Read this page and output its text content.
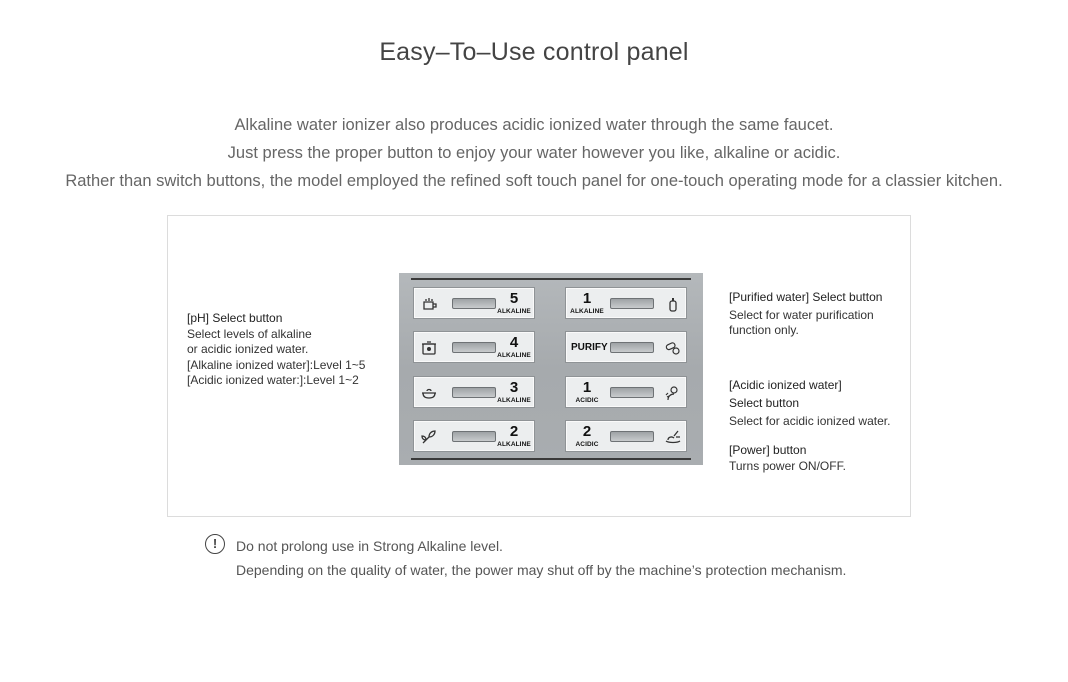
Easy–To–Use control panel
Alkaline water ionizer also produces acidic ionized water through the same faucet.
Just press the proper button to enjoy your water however you like, alkaline or acidic.
Rather than switch buttons, the model employed the refined soft touch panel for one-touch operating mode for a classier kitchen.
[pH] Select button
Select levels of alkaline
or acidic ionized water.
[Alkaline ionized water]:Level 1~5
[Acidic ionized water:]:Level 1~2
[Purified water] Select button
Select for water purification
function only.
[Acidic ionized water]
Select button
Select for acidic ionized water.
[Power] button
Turns power ON/OFF.
5
ALKALINE
4
ALKALINE
3
ALKALINE
2
ALKALINE
1
ALKALINE
PURIFY
1
ACIDIC
2
ACIDIC
!	Do not prolong use in Strong Alkaline level.
Depending on the quality of water, the power may shut off by the machine’s protection mechanism.
